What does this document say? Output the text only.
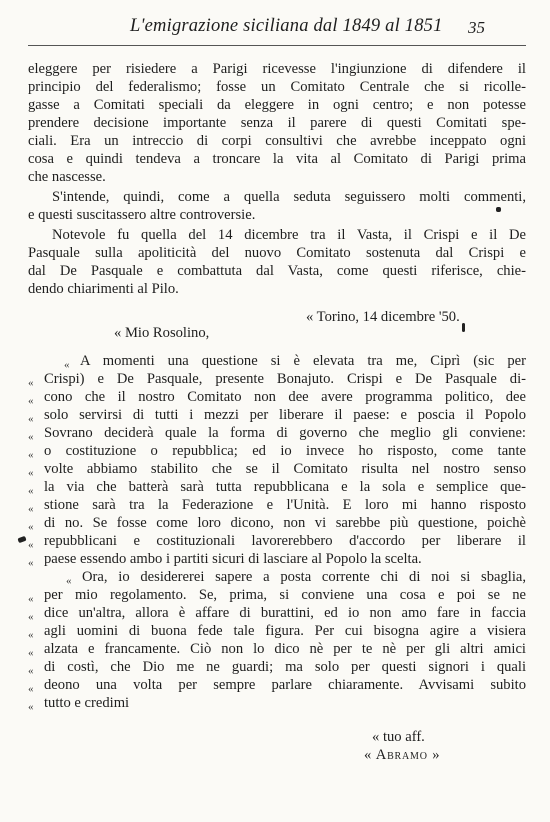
L'emigrazione siciliana dal 1849 al 1851 35
eleggere per risiedere a Parigi ricevesse l'ingiunzione di difendere il
principio del federalismo; fosse un Comitato Centrale che si ricolle-
gasse a Comitati speciali da eleggere in ogni centro; e non potesse
prendere decisione importante senza il parere di questi Comitati spe-
ciali. Era un intreccio di corpi consultivi che avrebbe inceppato ogni
cosa e quindi tendeva a troncare la vita al Comitato di Parigi prima
che nascesse.
S'intende, quindi, come a quella seduta seguissero molti commenti,
e questi suscitassero altre controversie.
Notevole fu quella del 14 dicembre tra il Vasta, il Crispi e il De
Pasquale sulla apoliticità del nuovo Comitato sostenuta dal Crispi e
dal De Pasquale e combattuta dal Vasta, come questi riferisce, chie-
dendo chiarimenti al Pilo.
« Torino, 14 dicembre '50.
« Mio Rosolino,
« A momenti una questione si è elevata tra me, Ciprì (sic per
« Crispi) e De Pasquale, presente Bonajuto. Crispi e De Pasquale di-
« cono che il nostro Comitato non dee avere programma politico, dee
« solo servirsi di tutti i mezzi per liberare il paese: e poscia il Popolo
« Sovrano deciderà quale la forma di governo che meglio gli conviene:
« o costituzione o repubblica; ed io invece ho risposto, come tante
« volte abbiamo stabilito che se il Comitato risulta nel nostro senso
« la via che batterà sarà tutta repubblicana e la sola e semplice que-
« stione sarà tra la Federazione e l'Unità. E loro mi hanno risposto
« di no. Se fosse come loro dicono, non vi sarebbe più questione, poichè
« repubblicani e costituzionali lavorerebbero d'accordo per liberare il
« paese essendo ambo i partiti sicuri di lasciare al Popolo la scelta.
« Ora, io desidererei sapere a posta corrente chi di noi si sbaglia,
« per mio regolamento. Se, prima, si conviene una cosa e poi se ne
« dice un'altra, allora è affare di burattini, ed io non amo fare in faccia
« agli uomini di buona fede tale figura. Per cui bisogna agire a visiera
« alzata e francamente. Ciò non lo dico nè per te nè per gli altri amici
« di costì, che Dio me ne guardi; ma solo per questi signori i quali
« deono una volta per sempre parlare chiaramente. Avvisami subito
« tutto e credimi
« tuo aff.
« Abramo »
